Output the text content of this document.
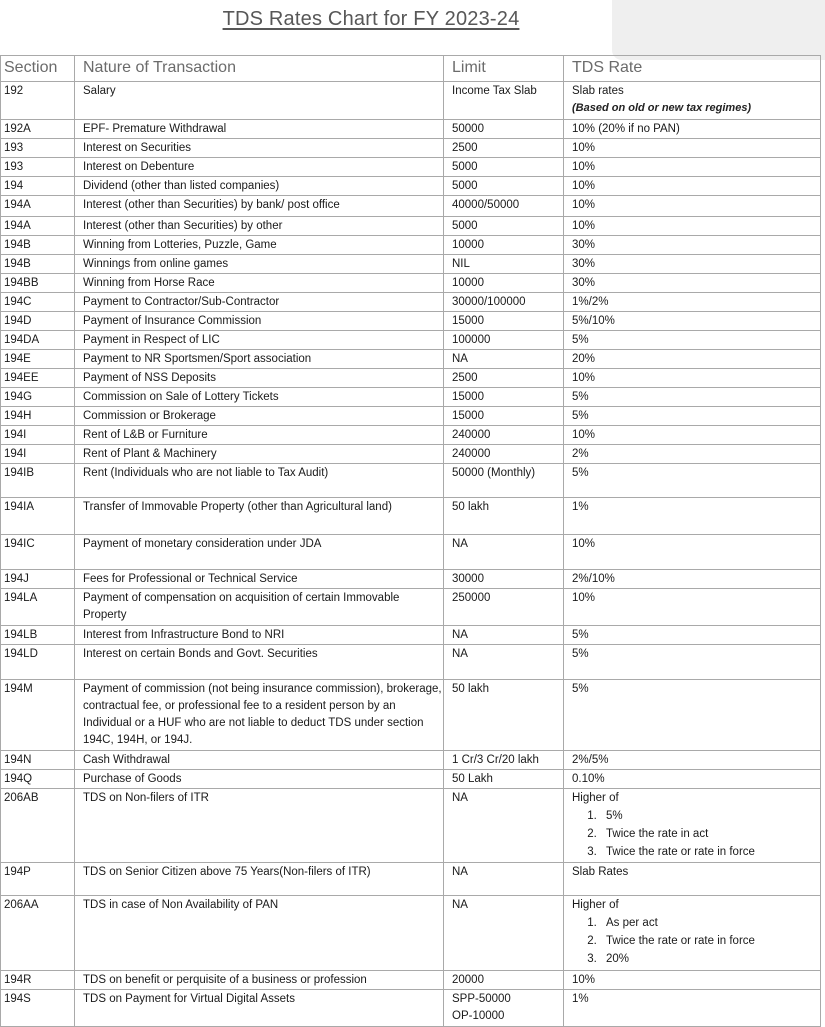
TDS Rates Chart for FY 2023-24
Section	Nature of Transaction	Limit	TDS Rate
192	Salary	Income Tax Slab	Slab rates
(Based on old or new tax regimes)
192A	EPF- Premature Withdrawal	50000	10% (20% if no PAN)
193	Interest on Securities	2500	10%
193	Interest on Debenture	5000	10%
194	Dividend (other than listed companies)	5000	10%
194A	Interest (other than Securities) by bank/ post office	40000/50000	10%
194A	Interest (other than Securities) by other	5000	10%
194B	Winning from Lotteries, Puzzle, Game	10000	30%
194B	Winnings from online games	NIL	30%
194BB	Winning from Horse Race	10000	30%
194C	Payment to Contractor/Sub-Contractor	30000/100000	1%/2%
194D	Payment of Insurance Commission	15000	5%/10%
194DA	Payment in Respect of LIC	100000	5%
194E	Payment to NR Sportsmen/Sport association	NA	20%
194EE	Payment of NSS Deposits	2500	10%
194G	Commission on Sale of Lottery Tickets	15000	5%
194H	Commission or Brokerage	15000	5%
194I	Rent of L&B or Furniture	240000	10%
194I	Rent of Plant & Machinery	240000	2%
194IB	Rent (Individuals who are not liable to Tax Audit)	50000 (Monthly)	5%
194IA	Transfer of Immovable Property (other than Agricultural land)	50 lakh	1%
194IC	Payment of monetary consideration under JDA	NA	10%
194J	Fees for Professional or Technical Service	30000	2%/10%
194LA	Payment of compensation on acquisition of certain Immovable Property	250000	10%
194LB	Interest from Infrastructure Bond to NRI	NA	5%
194LD	Interest on certain Bonds and Govt. Securities	NA	5%
194M	Payment of commission (not being insurance commission), brokerage, contractual fee, or professional fee to a resident person by an Individual or a HUF who are not liable to deduct TDS under section 194C, 194H, or 194J.	50 lakh	5%
194N	Cash Withdrawal	1 Cr/3 Cr/20 lakh	2%/5%
194Q	Purchase of Goods	50 Lakh	0.10%
206AB	TDS on Non-filers of ITR	NA	Higher of
1. 5%
2. Twice the rate in act
3. Twice the rate or rate in force

194P	TDS on Senior Citizen above 75 Years(Non-filers of ITR)	NA	Slab Rates
206AA	TDS in case of Non Availability of PAN	NA	Higher of
1. As per act
2. Twice the rate or rate in force
3. 20%

194R	TDS on benefit or perquisite of a business or profession	20000	10%
194S	TDS on Payment for Virtual Digital Assets	SPP-50000
OP-10000	1%
